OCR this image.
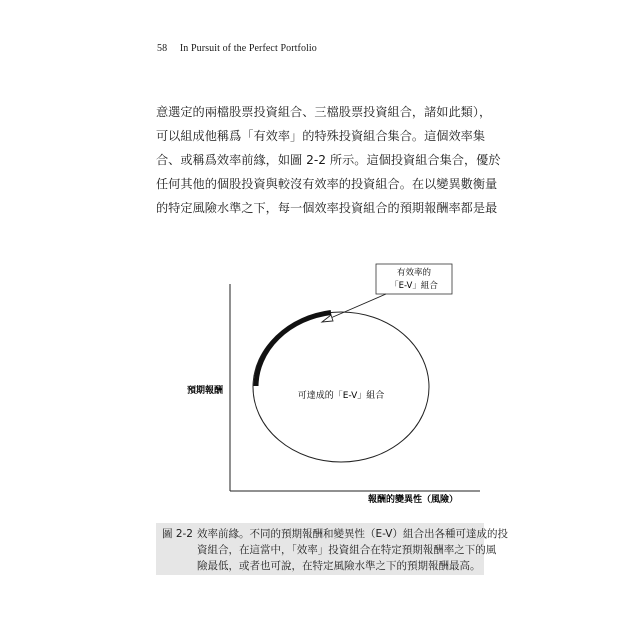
58 In Pursuit of the Perfect Portfolio
意選定的兩檔股票投資組合、三檔股票投資組合，諸如此類），
可以組成他稱爲「有效率」的特殊投資組合集合。這個效率集
合、或稱爲效率前緣，如圖 2-2 所示。這個投資組合集合，優於
任何其他的個股投資與較沒有效率的投資組合。在以變異數衡量
的特定風險水準之下，每一個效率投資組合的預期報酬率都是最
有效率的
「E-V」組合
可達成的「E-V」組合
預期報酬
報酬的變異性（風險）
圖 2-2 效率前緣。不同的預期報酬和變異性（E-V）組合出各種可達成的投
資組合，在這當中，「效率」投資組合在特定預期報酬率之下的風
險最低，或者也可說，在特定風險水準之下的預期報酬最高。
